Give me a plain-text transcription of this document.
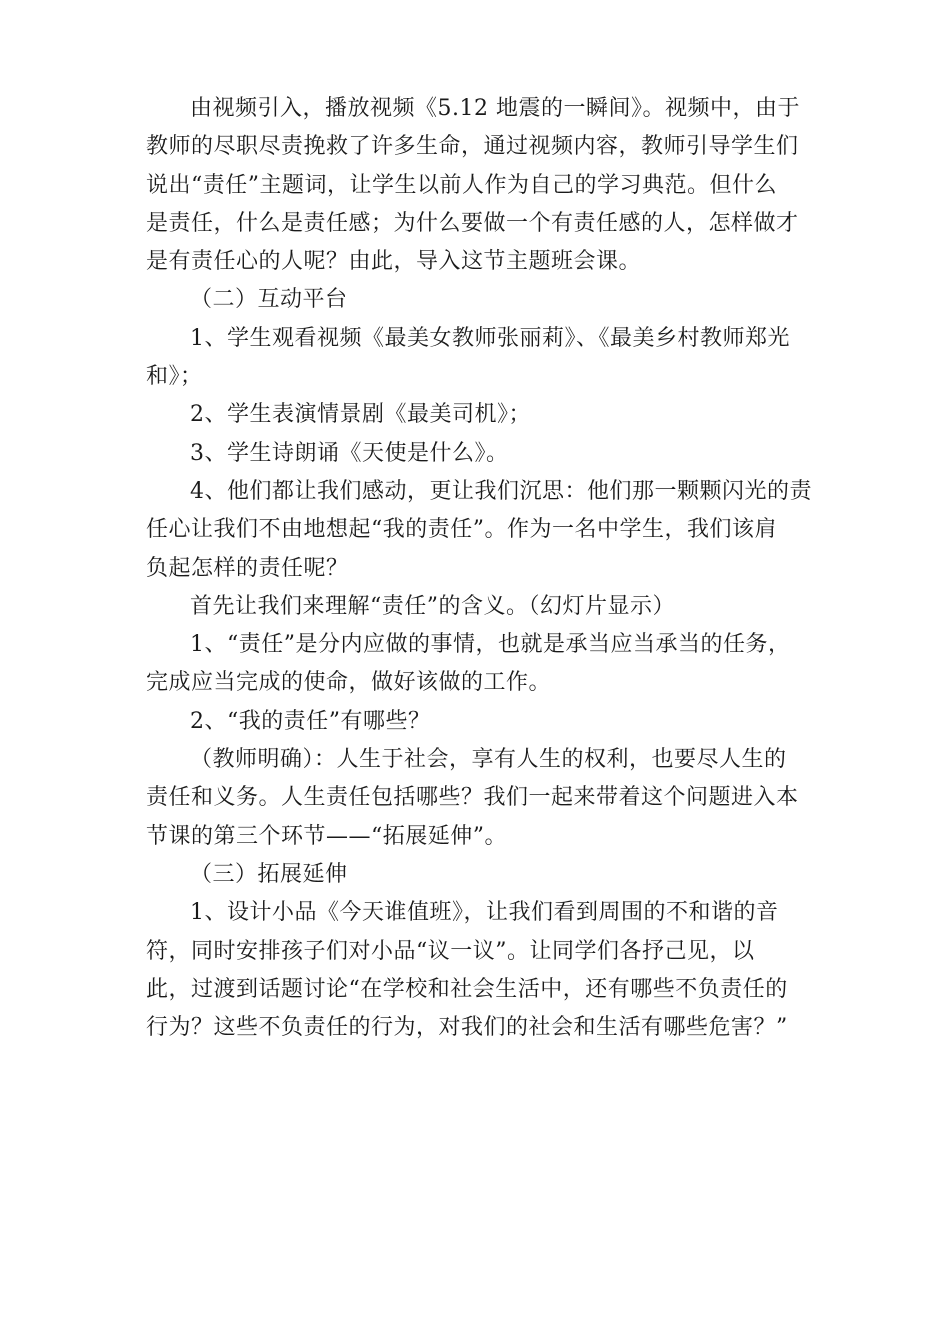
由视频引入，播放视频《5.12 地震的一瞬间》。视频中，由于
教师的尽职尽责挽救了许多生命，通过视频内容，教师引导学生们
说出“责任”主题词，让学生以前人作为自己的学习典范。但什么
是责任，什么是责任感；为什么要做一个有责任感的人，怎样做才
是有责任心的人呢？由此，导入这节主题班会课。
（二）互动平台
1、学生观看视频《最美女教师张丽莉》、《最美乡村教师郑光
和》；
2、学生表演情景剧《最美司机》；
3、学生诗朗诵《天使是什么》。
4、他们都让我们感动，更让我们沉思：他们那一颗颗闪光的责
任心让我们不由地想起“我的责任”。作为一名中学生，我们该肩
负起怎样的责任呢？
首先让我们来理解“责任”的含义。（幻灯片显示）
1、“责任”是分内应做的事情，也就是承当应当承当的任务，
完成应当完成的使命，做好该做的工作。
2、“我的责任”有哪些？
（教师明确）：人生于社会，享有人生的权利，也要尽人生的
责任和义务。人生责任包括哪些？我们一起来带着这个问题进入本
节课的第三个环节——“拓展延伸”。
（三）拓展延伸
1、设计小品《今天谁值班》，让我们看到周围的不和谐的音
符，同时安排孩子们对小品“议一议”。让同学们各抒己见，以
此，过渡到话题讨论“在学校和社会生活中，还有哪些不负责任的
行为？这些不负责任的行为，对我们的社会和生活有哪些危害？”
